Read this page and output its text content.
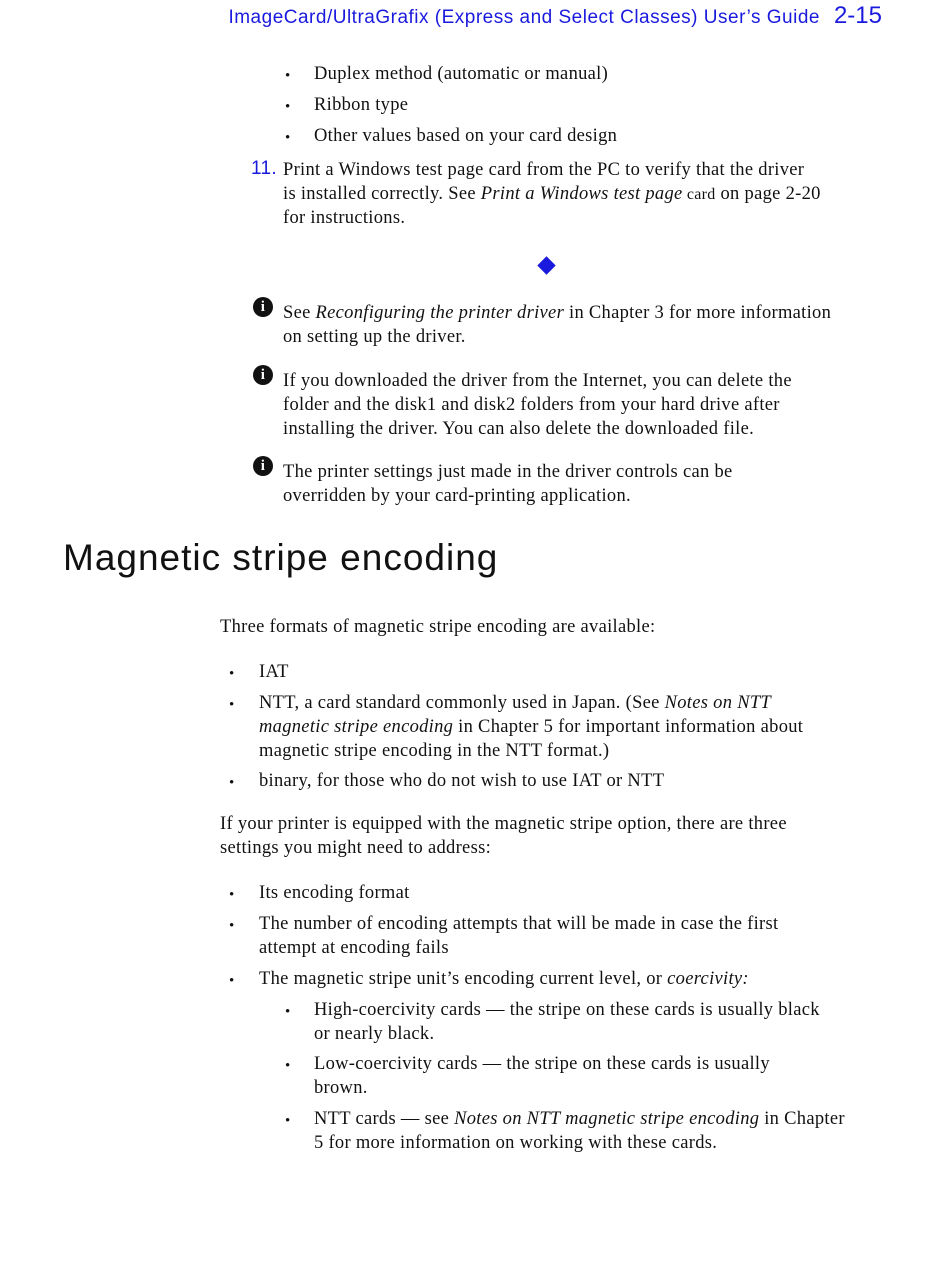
ImageCard/UltraGrafix (Express and Select Classes) User’s Guide 2-15
• Duplex method (automatic or manual)
• Ribbon type
• Other values based on your card design
11. Print a Windows test page card from the PC to verify that the driver
is installed correctly. See Print a Windows test page card on page 2-20
for instructions.
i See Reconfiguring the printer driver in Chapter 3 for more information
on setting up the driver.
i If you downloaded the driver from the Internet, you can delete the
folder and the disk1 and disk2 folders from your hard drive after
installing the driver. You can also delete the downloaded file.
i The printer settings just made in the driver controls can be
overridden by your card-printing application.
Magnetic stripe encoding
Three formats of magnetic stripe encoding are available:
• IAT
• NTT, a card standard commonly used in Japan. (See Notes on NTT
magnetic stripe encoding in Chapter 5 for important information about
magnetic stripe encoding in the NTT format.)
• binary, for those who do not wish to use IAT or NTT
If your printer is equipped with the magnetic stripe option, there are three
settings you might need to address:
• Its encoding format
• The number of encoding attempts that will be made in case the first
attempt at encoding fails
• The magnetic stripe unit’s encoding current level, or coercivity:
• High-coercivity cards — the stripe on these cards is usually black
or nearly black.
• Low-coercivity cards — the stripe on these cards is usually
brown.
• NTT cards — see Notes on NTT magnetic stripe encoding in Chapter
5 for more information on working with these cards.
